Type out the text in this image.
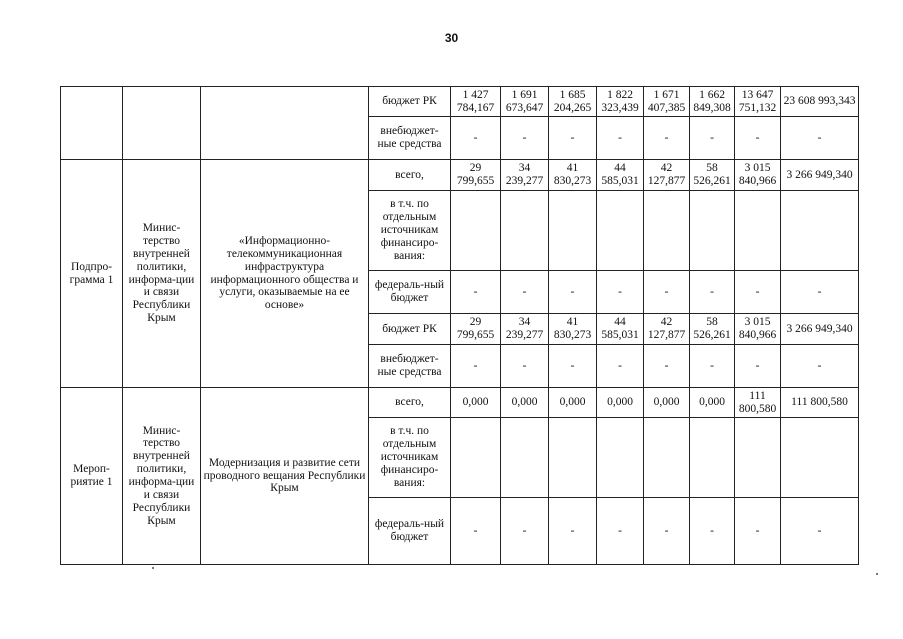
30
			бюджет РК	1 427 784,167	1 691 673,647	1 685 204,265	1 822 323,439	1 671 407,385	1 662 849,308	13 647 751,132	23 608 993,343
			внебюджет-ные средства	-	-	-	-	-	-	-	-
Подпро-грамма 1	Минис-терство внутренней политики, информа-ции и связи Республики Крым	«Информационно-телекоммуникационная инфраструктура информационного общества и услуги, оказываемые на ее основе»	всего,	29 799,655	34 239,277	41 830,273	44 585,031	42 127,877	58 526,261	3 015 840,966	3 266 949,340
			в т.ч. по отдельным источникам финансиро-вания:								
			федераль-ный бюджет	-	-	-	-	-	-	-	-
			бюджет РК	29 799,655	34 239,277	41 830,273	44 585,031	42 127,877	58 526,261	3 015 840,966	3 266 949,340
			внебюджет-ные средства	-	-	-	-	-	-	-	-
Мероп-риятие 1	Минис-терство внутренней политики, информа-ции и связи Республики Крым	Модернизация и развитие сети проводного вещания Республики Крым	всего,	0,000	0,000	0,000	0,000	0,000	0,000	111 800,580	111 800,580
			в т.ч. по отдельным источникам финансиро-вания:								
			федераль-ный бюджет	-	-	-	-	-	-	-	-
